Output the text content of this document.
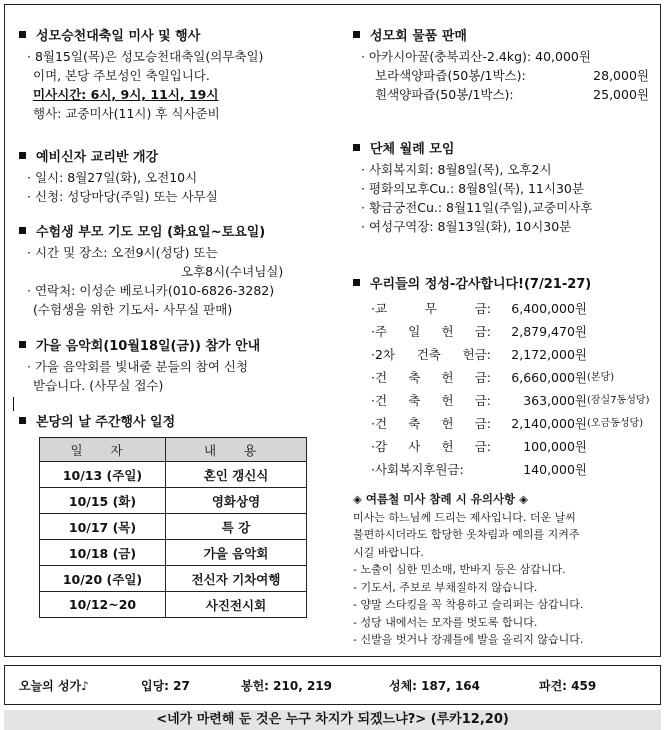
성모승천대축일 미사 및 행사
· 8월15일(목)은 성모승천대축일(의무축일)
이며, 본당 주보성인 축일입니다.
미사시간: 6시, 9시, 11시, 19시
행사: 교중미사(11시) 후 식사준비
예비신자 교리반 개강
· 일시: 8월27일(화), 오전10시
· 신청: 성당마당(주일) 또는 사무실
수험생 부모 기도 모임 (화요일~토요일)
· 시간 및 장소: 오전9시(성당) 또는
오후8시(수녀님실)
· 연락처: 이성순 베로니카(010-6826-3282)
(수험생을 위한 기도서- 사무실 판매)
가을 음악회(10월18일(금)) 참가 안내
· 가을 음악회를 빛내줄 분들의 참여 신청
받습니다. (사무실 접수)
본당의 날 주간행사 일정
일 자	내 용
10/13 (주일)	혼인 갱신식
10/15 (화)	영화상영
10/17 (목)	특 강
10/18 (금)	가을 음악회
10/20 (주일)	전신자 기차여행
10/12~20	사진전시회
성모회 물품 판매
· 아카시아꿀(충북괴산-2.4kg): 40,000원
보라색양파즙(50봉/1박스):	28,000원
흰색양파즙(50봉/1박스):	25,000원
단체 월례 모임
· 사회복지회: 8월8일(목), 오후2시
· 평화의모후Cu.: 8월8일(목), 11시30분
· 황금궁전Cu.: 8월11일(주일),교중미사후
· 여성구역장: 8월13일(화), 10시30분
우리들의 정성-감사합니다!(7/21-27)
·교	무	금:	6,400,000원
·주 일 헌 금:	2,879,470원
·2차 건축 헌금:	2,172,000원
·건 축 헌 금:	6,660,000원 (본당)
·건 축 헌 금:	363,000원 (잠실7동성당)
·건 축 헌 금:	2,140,000원 (오금동성당)
·감 사 헌 금:	100,000원
·사회복지후원금:	140,000원
◈ 여름철 미사 참례 시 유의사항 ◈
미사는 하느님께 드리는 제사입니다. 더운 날씨
불편하시더라도 합당한 옷차림과 예의를 지켜주
시길 바랍니다.
- 노출이 심한 민소매, 반바지 등은 삼갑니다.
- 기도서, 주보로 부채질하지 않습니다.
- 양말 스타킹을 꼭 착용하고 슬리퍼는 삼갑니다.
- 성당 내에서는 모자를 벗도록 합니다.
- 신발을 벗거나 장궤틀에 발을 올리지 않습니다.
오늘의 성가♪	입당: 27	봉헌: 210, 219	성체: 187, 164	파견: 459
<네가 마련해 둔 것은 누구 차지가 되겠느냐?> (루카12,20)
